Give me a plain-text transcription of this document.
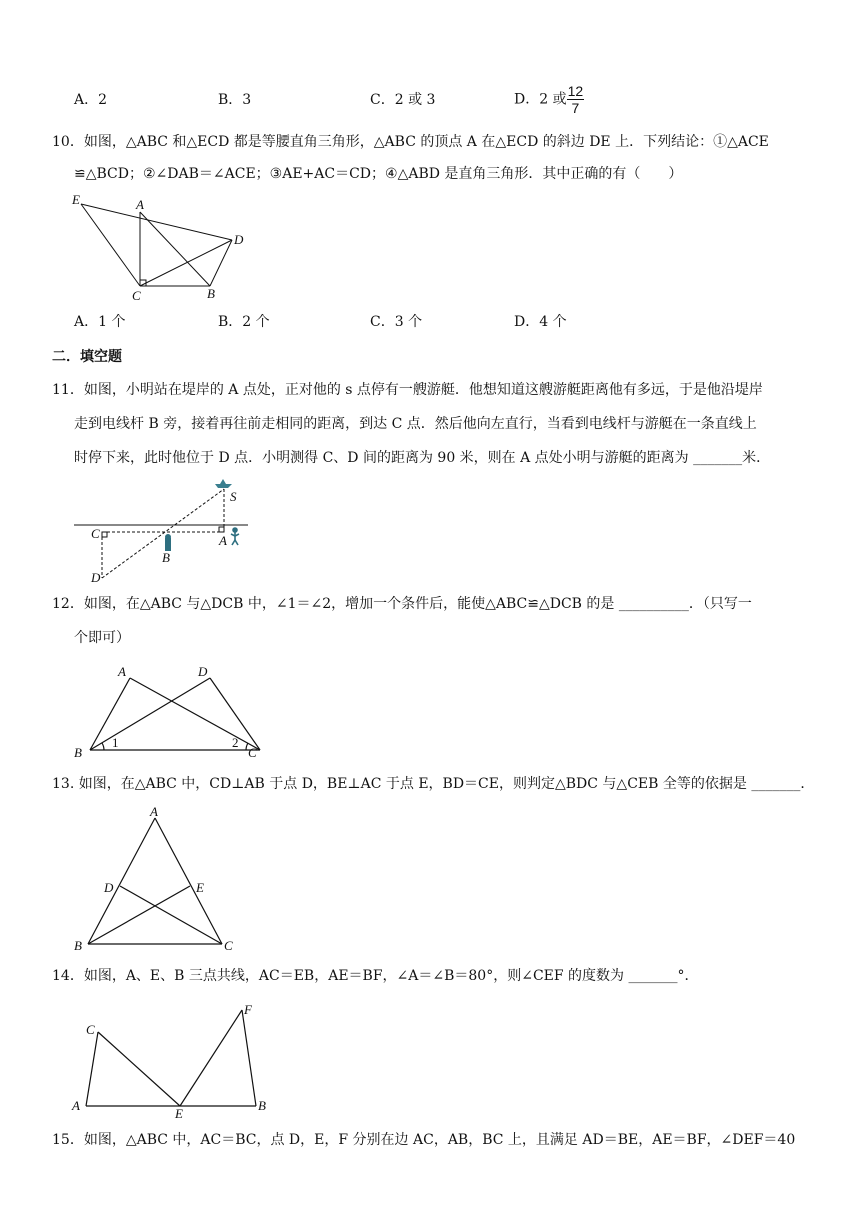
A．2	B．3	C．2 或 3	D．2 或 $\frac{12}{7}$
10．如图，△ABC 和△ECD 都是等腰直角三角形，△ABC 的顶点 A 在△ECD 的斜边 DE 上．下列结论：①△ACE
≌△BCD；②∠DAB＝∠ACE；③AE+AC＝CD；④△ABD 是直角三角形．其中正确的有（　　）
E	A
D
C	B
A．1 个	B．2 个	C．3 个	D．4 个
二．填空题
11．如图，小明站在堤岸的 A 点处，正对他的 s 点停有一艘游艇．他想知道这艘游艇距离他有多远，于是他沿堤岸
走到电线杆 B 旁，接着再往前走相同的距离，到达 C 点．然后他向左直行，当看到电线杆与游艇在一条直线上
时停下来，此时他位于 D 点．小明测得 C、D 间的距离为 90 米，则在 A 点处小明与游艇的距离为 _______米．
S
C	A
B
D
12．如图，在△ABC 与△DCB 中，∠1＝∠2，增加一个条件后，能使△ABC≌△DCB 的是 __________．（只写一
个即可）
A	D
B	C
1	2
13. 如图，在△ABC 中，CD⊥AB 于点 D，BE⊥AC 于点 E，BD＝CE，则判定△BDC 与△CEB 全等的依据是 _______．
A
D	E
B	C
14．如图，A、E、B 三点共线，AC＝EB，AE＝BF，∠A＝∠B＝80°，则∠CEF 的度数为 _______°．
C
F
A
E
B
15．如图，△ABC 中，AC＝BC，点 D，E，F 分别在边 AC，AB，BC 上，且满足 AD＝BE，AE＝BF，∠DEF＝40
